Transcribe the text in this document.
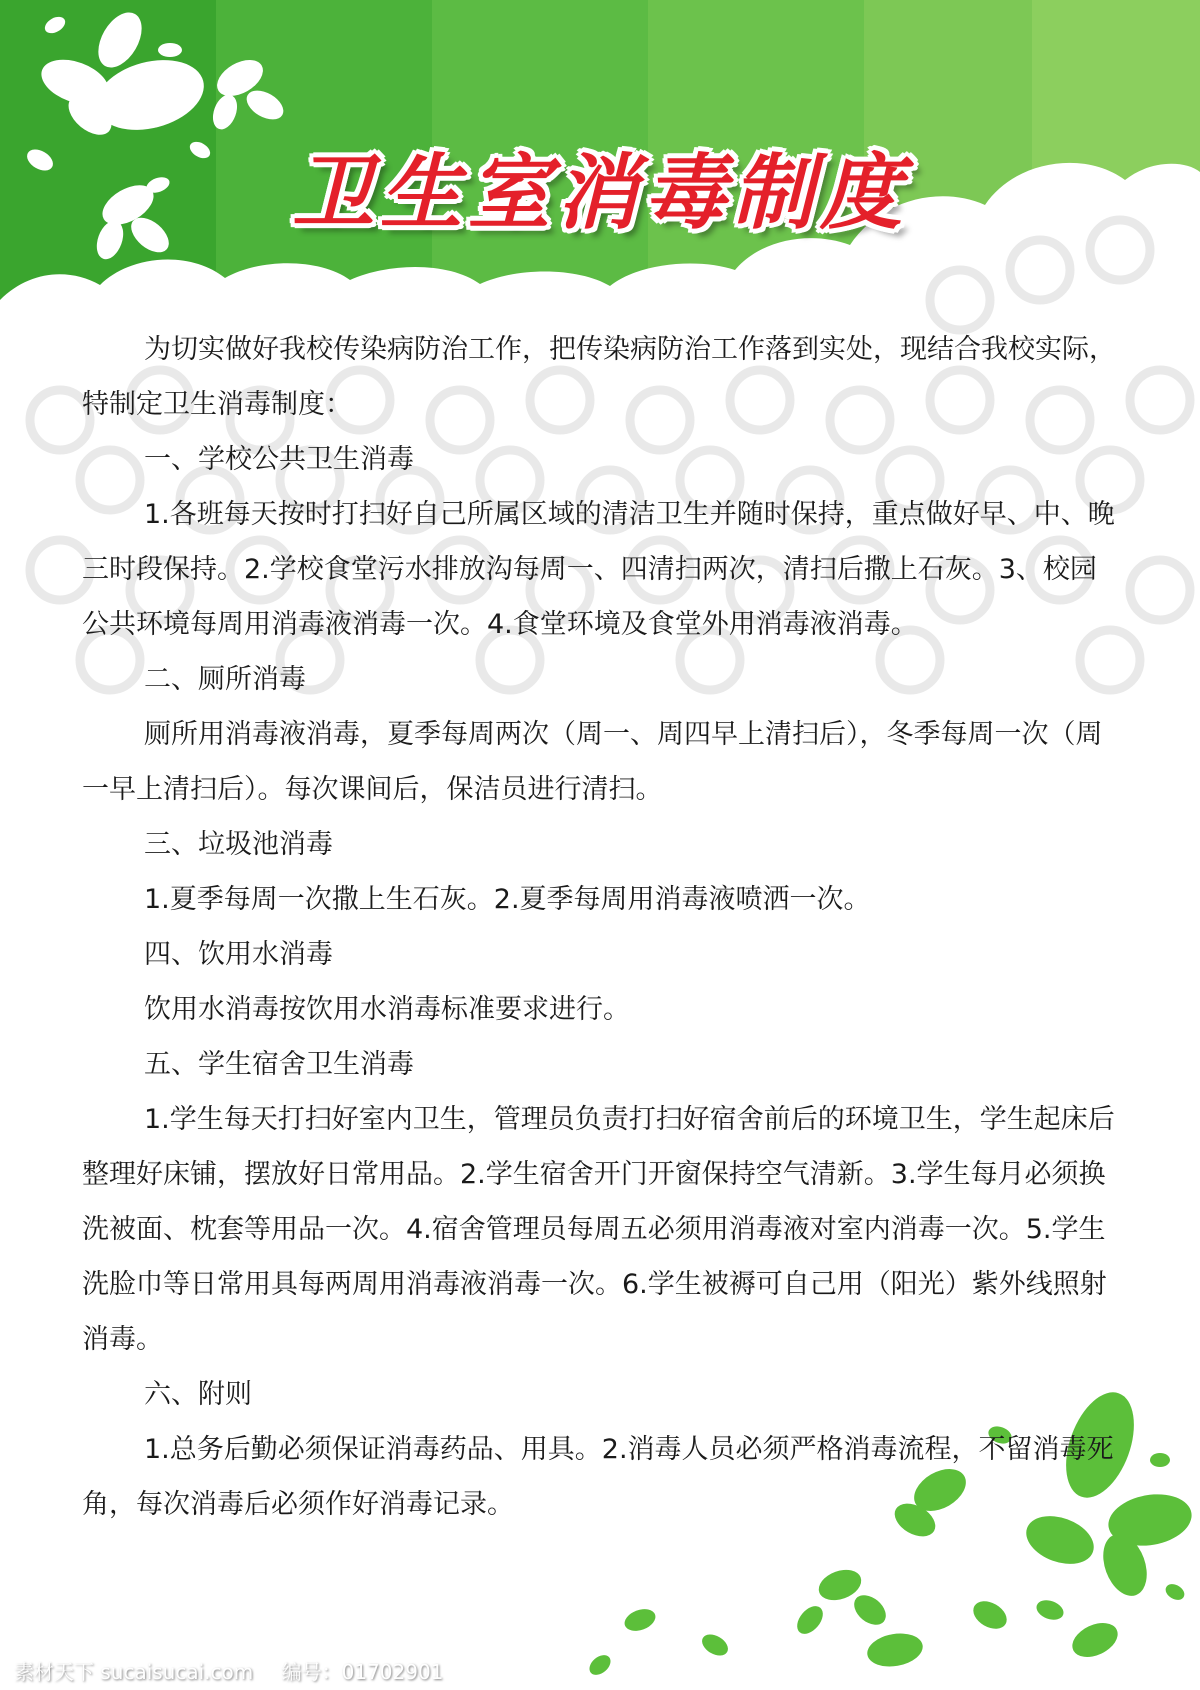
卫生室消毒制度

为切实做好我校传染病防治工作，把传染病防治工作落到实处，现结合我校实际，特制定卫生消毒制度：

一、学校公共卫生消毒

1.各班每天按时打扫好自己所属区域的清洁卫生并随时保持，重点做好早、中、晚三时段保持。2.学校食堂污水排放沟每周一、四清扫两次，清扫后撒上石灰。3、校园公共环境每周用消毒液消毒一次。4.食堂环境及食堂外用消毒液消毒。

二、厕所消毒

厕所用消毒液消毒，夏季每周两次（周一、周四早上清扫后），冬季每周一次（周一早上清扫后）。每次课间后，保洁员进行清扫。

三、垃圾池消毒

1.夏季每周一次撒上生石灰。2.夏季每周用消毒液喷洒一次。

四、饮用水消毒

饮用水消毒按饮用水消毒标准要求进行。

五、学生宿舍卫生消毒

1.学生每天打扫好室内卫生，管理员负责打扫好宿舍前后的环境卫生，学生起床后整理好床铺，摆放好日常用品。2.学生宿舍开门开窗保持空气清新。3.学生每月必须换洗被面、枕套等用品一次。4.宿舍管理员每周五必须用消毒液对室内消毒一次。5.学生洗脸巾等日常用具每两周用消毒液消毒一次。6.学生被褥可自己用（阳光）紫外线照射消毒。

六、附则

1.总务后勤必须保证消毒药品、用具。2.消毒人员必须严格消毒流程，不留消毒死角，每次消毒后必须作好消毒记录。

素材天下 sucaisucai.com 编号：01702901
